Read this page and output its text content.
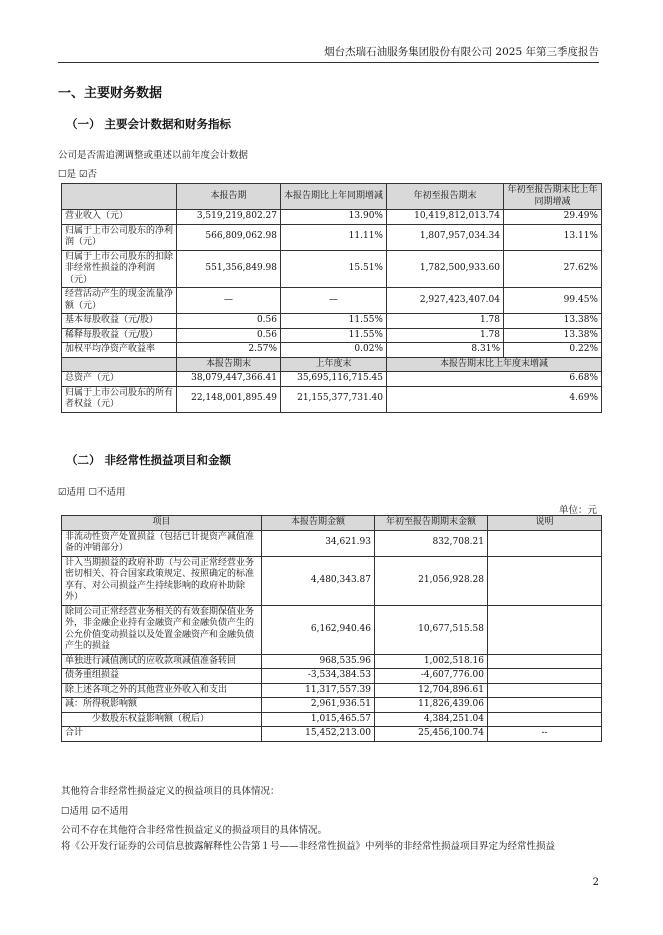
烟台杰瑞石油服务集团股份有限公司 2025 年第三季度报告
一、主要财务数据
（一） 主要会计数据和财务指标
公司是否需追溯调整或重述以前年度会计数据
☐是 ☑否
	本报告期	本报告期比上年同期增减	年初至报告期末	年初至报告期末比上年同期增减
营业收入（元）	3,519,219,802.27	13.90%	10,419,812,013.74	29.49%
归属于上市公司股东的净利润（元）	566,809,062.98	11.11%	1,807,957,034.34	13.11%
归属于上市公司股东的扣除非经常性损益的净利润（元）	551,356,849.98	15.51%	1,782,500,933.60	27.62%
经营活动产生的现金流量净额（元）	—	—	2,927,423,407.04	99.45%
基本每股收益（元/股）	0.56	11.55%	1.78	13.38%
稀释每股收益（元/股）	0.56	11.55%	1.78	13.38%
加权平均净资产收益率	2.57%	0.02%	8.31%	0.22%
	本报告期末	上年度末	本报告期末比上年度末增减	
总资产（元）	38,079,447,366.41	35,695,116,715.45	6.68%	
归属于上市公司股东的所有者权益（元）	22,148,001,895.49	21,155,377,731.40	4.69%	
（二） 非经常性损益项目和金额
☑适用 ☐不适用
单位：元
项目	本报告期金额	年初至报告期期末金额	说明
非流动性资产处置损益（包括已计提资产减值准备的冲销部分）	34,621.93	832,708.21	
计入当期损益的政府补助（与公司正常经营业务密切相关、符合国家政策规定、按照确定的标准享有、对公司损益产生持续影响的政府补助除外）	4,480,343.87	21,056,928.28	
除同公司正常经营业务相关的有效套期保值业务外，非金融企业持有金融资产和金融负债产生的公允价值变动损益以及处置金融资产和金融负债产生的损益	6,162,940.46	10,677,515.58	
单独进行减值测试的应收款项减值准备转回	968,535.96	1,002,518.16	
债务重组损益	-3,534,384.53	-4,607,776.00	
除上述各项之外的其他营业外收入和支出	11,317,557.39	12,704,896.61	
减：所得税影响额	2,961,936.51	11,826,439.06	
少数股东权益影响额（税后）	1,015,465.57	4,384,251.04	
合计	15,452,213.00	25,456,100.74	--
其他符合非经常性损益定义的损益项目的具体情况：
☐适用 ☑不适用
公司不存在其他符合非经常性损益定义的损益项目的具体情况。
将《公开发行证券的公司信息披露解释性公告第１号——非经常性损益》中列举的非经常性损益项目界定为经常性损益
2
